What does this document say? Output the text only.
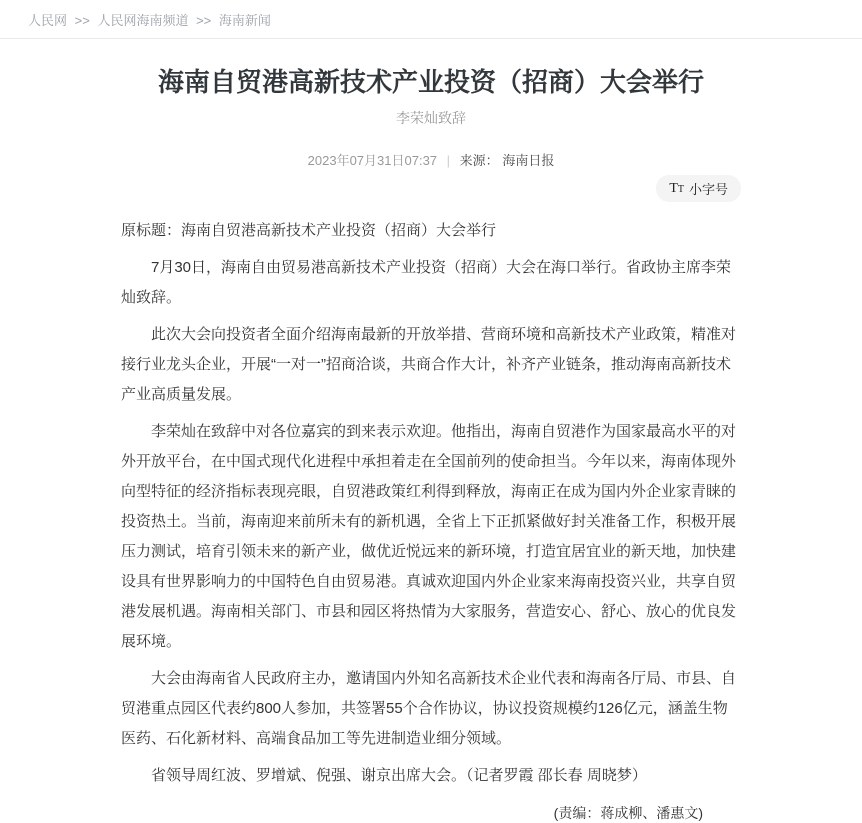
人民网 >> 人民网海南频道 >> 海南新闻
海南自贸港高新技术产业投资（招商）大会举行
李荣灿致辞
2023年07月31日07:37 | 来源： 海南日报
TT 小字号

原标题：海南自贸港高新技术产业投资（招商）大会举行

7月30日，海南自由贸易港高新技术产业投资（招商）大会在海口举行。省政协主席李荣灿致辞。

此次大会向投资者全面介绍海南最新的开放举措、营商环境和高新技术产业政策，精准对接行业龙头企业，开展“一对一”招商洽谈，共商合作大计，补齐产业链条，推动海南高新技术产业高质量发展。

李荣灿在致辞中对各位嘉宾的到来表示欢迎。他指出，海南自贸港作为国家最高水平的对外开放平台，在中国式现代化进程中承担着走在全国前列的使命担当。今年以来，海南体现外向型特征的经济指标表现亮眼，自贸港政策红利得到释放，海南正在成为国内外企业家青睐的投资热土。当前，海南迎来前所未有的新机遇，全省上下正抓紧做好封关准备工作，积极开展压力测试，培育引领未来的新产业，做优近悦远来的新环境，打造宜居宜业的新天地，加快建设具有世界影响力的中国特色自由贸易港。真诚欢迎国内外企业家来海南投资兴业，共享自贸港发展机遇。海南相关部门、市县和园区将热情为大家服务，营造安心、舒心、放心的优良发展环境。

大会由海南省人民政府主办，邀请国内外知名高新技术企业代表和海南各厅局、市县、自贸港重点园区代表约800人参加，共签署55个合作协议，协议投资规模约126亿元，涵盖生物医药、石化新材料、高端食品加工等先进制造业细分领域。

省领导周红波、罗增斌、倪强、谢京出席大会。（记者罗霞 邵长春 周晓梦）

(责编：蒋成柳、潘惠文)
